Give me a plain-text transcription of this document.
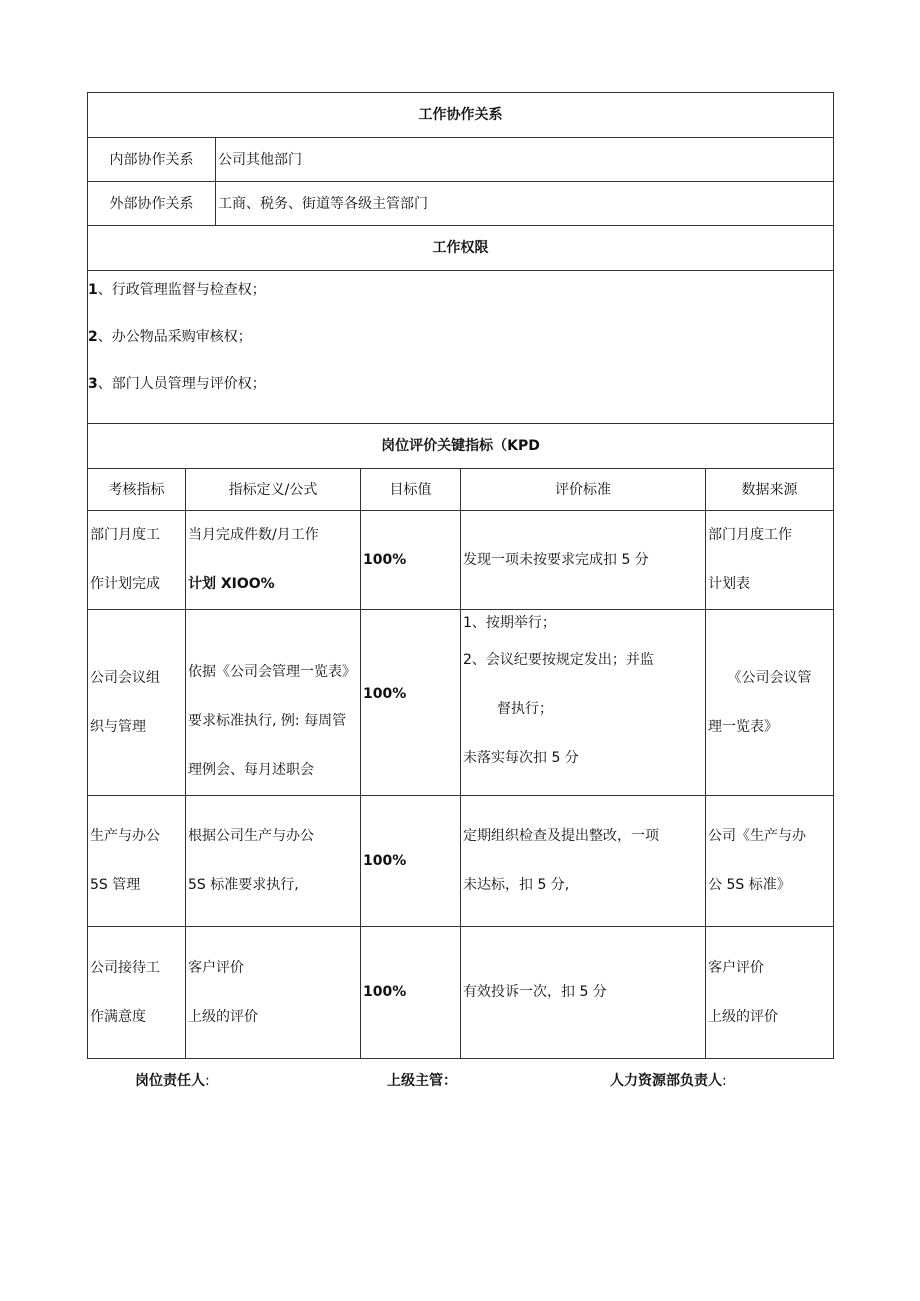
工作协作关系	
内部协作关系	公司其他部门
外部协作关系	工商、税务、街道等各级主管部门
工作权限	

1、行政管理监督与检查权；
2、办公物品采购审核权；
3、部门人员管理与评价权；	
岗位评价关键指标（KPD				
考核指标	指标定义/公式	目标值	评价标准	数据来源

部门月度工
作计划完成	当月完成件数/月工作
计划 XIOO%	100%	发现一项未按要求完成扣 5 分	部门月度工作
计划表

公司会议组
织与管理	依据《公司会管理一览表》
要求标准执行, 例: 每周管
理例会、每月述职会	100%	1、按期举行；
2、会议纪要按规定发出；并监
督执行；
未落实每次扣 5 分	《公司会议管
理一览表》

生产与办公
5S 管理	根据公司生产与办公
5S 标准要求执行,	100%	定期组织检查及提出整改，一项
未达标，扣 5 分,	公司《生产与办
公 5S 标准》

公司接待工
作满意度	客户评价
上级的评价	100%	有效投诉一次，扣 5 分	客户评价
上级的评价
岗位责任人:	上级主管：	人力资源部负责人:
